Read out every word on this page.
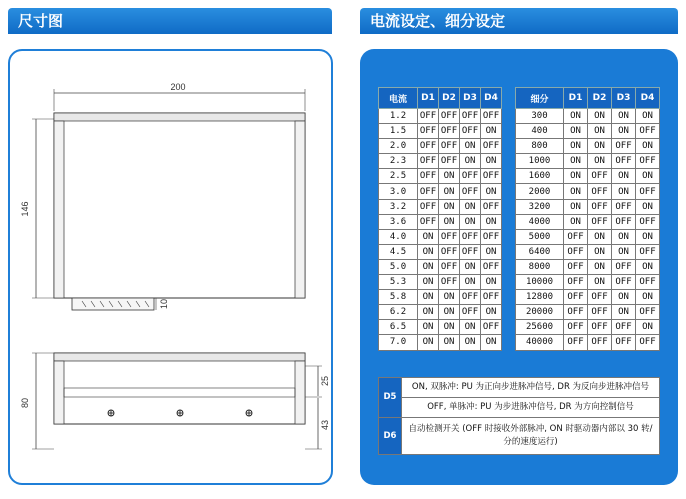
尺寸图
200
146
10
80
25
43
电流设定、细分设定
电流	D1	D2	D3	D4
1.2	OFF	OFF	OFF	OFF
1.5	OFF	OFF	OFF	ON
2.0	OFF	OFF	ON	OFF
2.3	OFF	OFF	ON	ON
2.5	OFF	ON	OFF	OFF
3.0	OFF	ON	OFF	ON
3.2	OFF	ON	ON	OFF
3.6	OFF	ON	ON	ON
4.0	ON	OFF	OFF	OFF
4.5	ON	OFF	OFF	ON
5.0	ON	OFF	ON	OFF
5.3	ON	OFF	ON	ON
5.8	ON	ON	OFF	OFF
6.2	ON	ON	OFF	ON
6.5	ON	ON	ON	OFF
7.0	ON	ON	ON	ON
细分	D1	D2	D3	D4
300	ON	ON	ON	ON
400	ON	ON	ON	OFF
800	ON	ON	OFF	ON
1000	ON	ON	OFF	OFF
1600	ON	OFF	ON	ON
2000	ON	OFF	ON	OFF
3200	ON	OFF	OFF	ON
4000	ON	OFF	OFF	OFF
5000	OFF	ON	ON	ON
6400	OFF	ON	ON	OFF
8000	OFF	ON	OFF	ON
10000	OFF	ON	OFF	OFF
12800	OFF	OFF	ON	ON
20000	OFF	OFF	ON	OFF
25600	OFF	OFF	OFF	ON
40000	OFF	OFF	OFF	OFF
D5	ON, 双脉冲: PU 为正向步进脉冲信号, DR 为反向步进脉冲信号
	OFF, 单脉冲: PU 为步进脉冲信号, DR 为方向控制信号
D6	自动检测开关 (OFF 时接收外部脉冲, ON 时驱动器内部以 30 转/分的速度运行)
